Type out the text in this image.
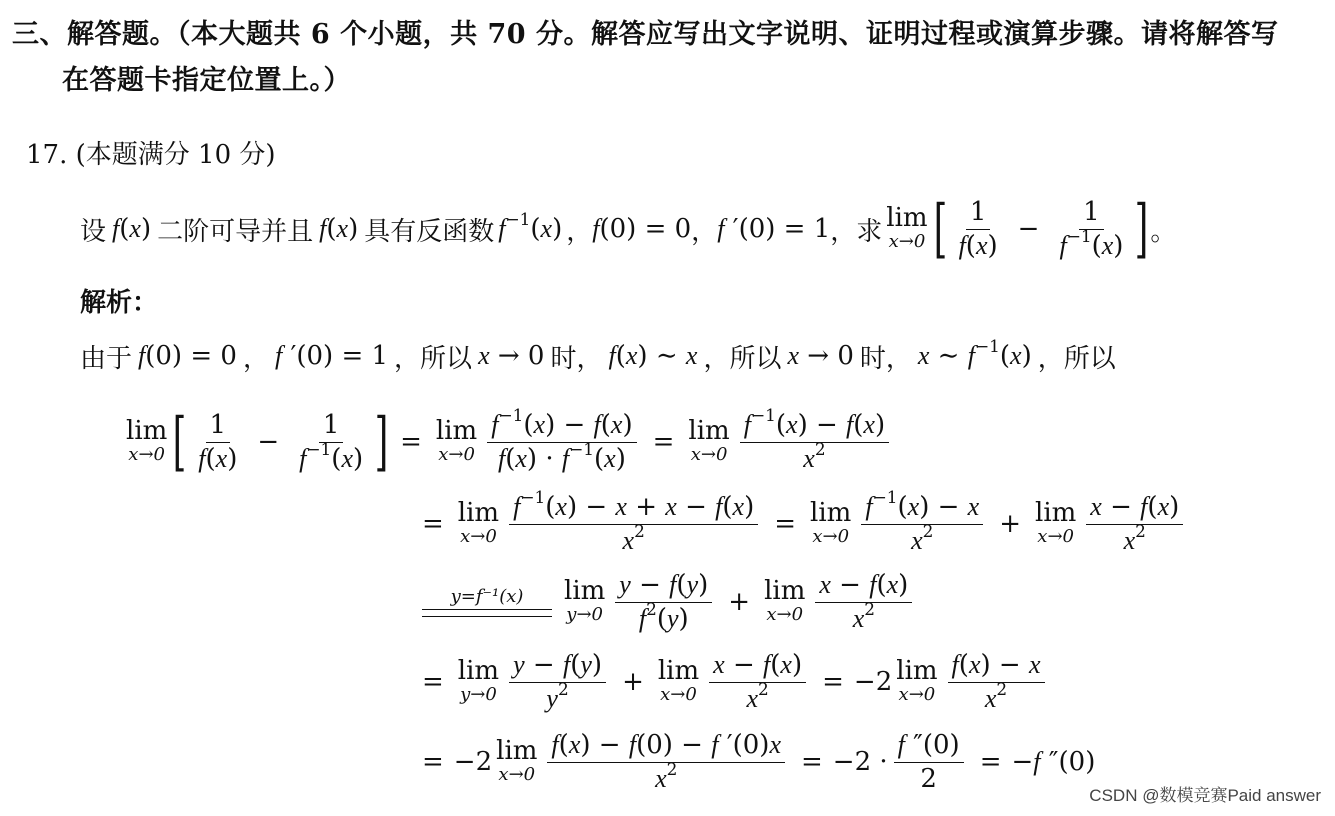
三、解答题。（本大题共 6 个小题，共 70 分。解答应写出文字说明、证明过程或演算步骤。请将解答写
在答题卡指定位置上。）
17. (本题满分 10 分)
设 f(x) 二阶可导并且 f(x) 具有反函数 $f^{-1}(x)$ ， f(0) = 0 ， f ′(0) = 1 ，求 lim
x→0 [ $\frac{1}{f(x)} - \frac{1}{f^{-1}(x)}$ ] 。
解析：
由于 f(0) = 0 ， f ′(0) = 1 ，所以 x → 0 时， f(x) ∼ x ，所以 x → 0 时， x ∼ $f^{-1}(x)$ ，所以
lim
x→0 [ $\frac{1}{f(x)} - \frac{1}{f^{-1}(x)}$ ] = lim
$x\to 0 \frac{f^{-1}(x) - f(x)}{f(x) \cdot f^{-1}(x)} = \lim$
$x\to 0 \frac{f^{-1}(x) - f(x)}{x^2}$
= lim
$x\to 0 \frac{f^{-1}(x) - x + x - f(x)}{x^2} = \lim$
$x\to 0 \frac{f^{-1}(x) - x}{x^2} + \lim$
$x\to 0 \frac{x - f(x)}{x^2}$
y=f⁻¹(x) lim
$y\to 0 \frac{y - f(y)}{f^2(y)} + \lim$
$x\to 0 \frac{x - f(x)}{x^2}$
= lim
$y\to 0 \frac{y - f(y)}{y^2} + \lim$
$x\to 0 \frac{x - f(x)}{x^2} = -2$ lim
$x\to 0 \frac{f(x) - x}{x^2}$
= −2 lim
$x\to 0 \frac{f(x) - f(0) - f '(0)x}{x^2} = -2 \cdot \frac{f ''(0)}{2} = -f$ ″(0)
CSDN @数模竞赛Paid answer
